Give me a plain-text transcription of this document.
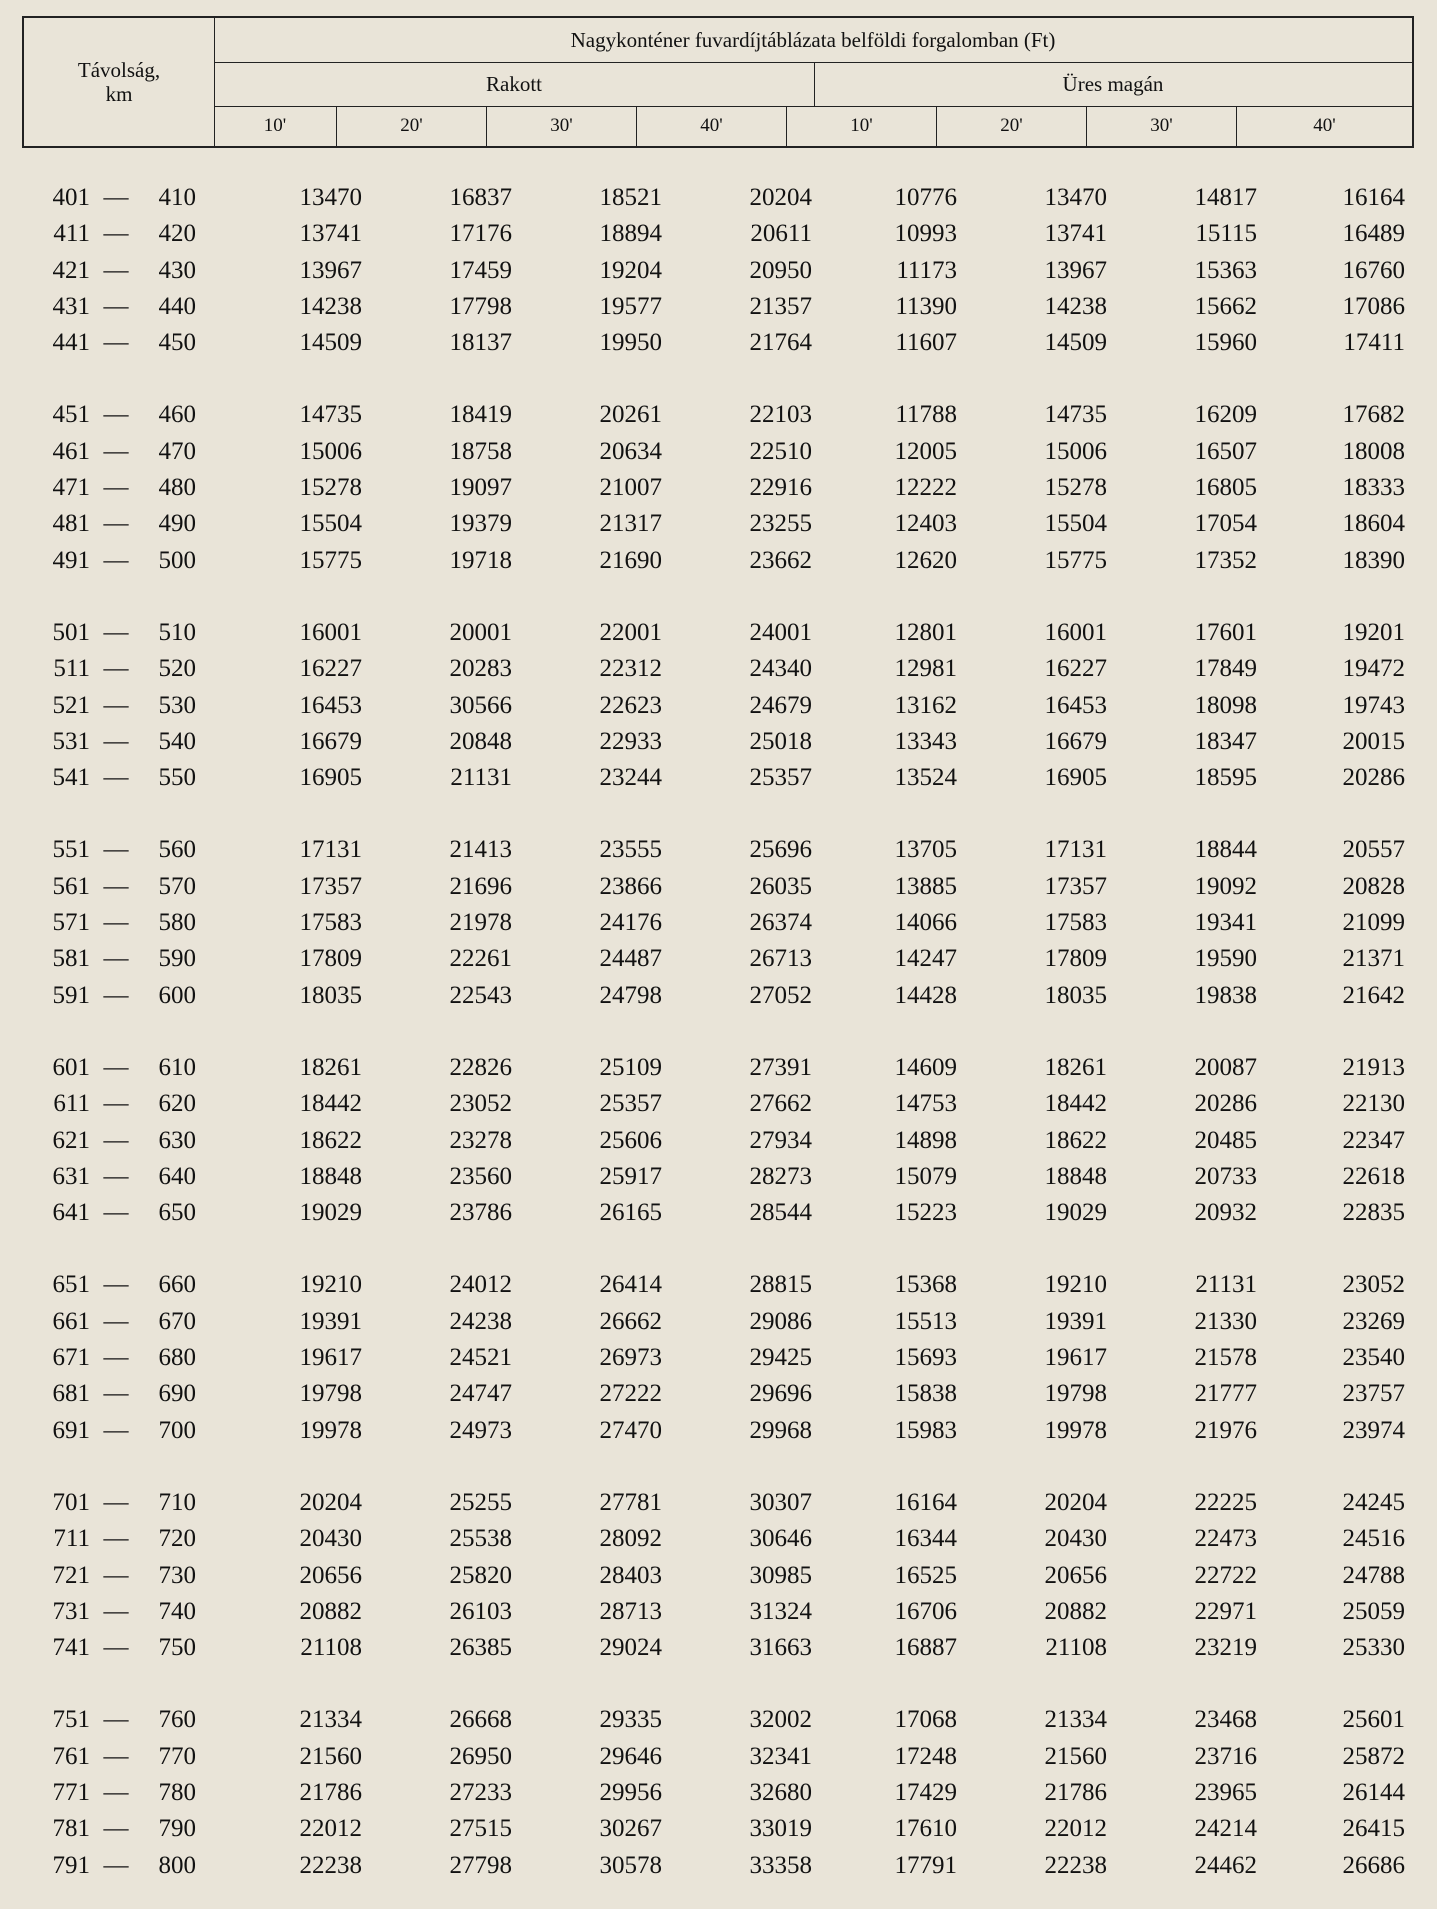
Távolság,
km
Nagykonténer fuvardíjtáblázata belföldi forgalomban (Ft)
Rakott	Üres magán
10'	20'	30'	40'	10'	20'	30'	40'
401 —	410	13470	16837	18521	20204	10776	13470	14817	16164
411 —	420	13741	17176	18894	20611	10993	13741	15115	16489
421 —	430	13967	17459	19204	20950	11173	13967	15363	16760
431 —	440	14238	17798	19577	21357	11390	14238	15662	17086
441 —	450	14509	18137	19950	21764	11607	14509	15960	17411
451 —	460	14735	18419	20261	22103	11788	14735	16209	17682
461 —	470	15006	18758	20634	22510	12005	15006	16507	18008
471 —	480	15278	19097	21007	22916	12222	15278	16805	18333
481 —	490	15504	19379	21317	23255	12403	15504	17054	18604
491 —	500	15775	19718	21690	23662	12620	15775	17352	18390
501 —	510	16001	20001	22001	24001	12801	16001	17601	19201
511 —	520	16227	20283	22312	24340	12981	16227	17849	19472
521 —	530	16453	30566	22623	24679	13162	16453	18098	19743
531 —	540	16679	20848	22933	25018	13343	16679	18347	20015
541 —	550	16905	21131	23244	25357	13524	16905	18595	20286
551 —	560	17131	21413	23555	25696	13705	17131	18844	20557
561 —	570	17357	21696	23866	26035	13885	17357	19092	20828
571 —	580	17583	21978	24176	26374	14066	17583	19341	21099
581 —	590	17809	22261	24487	26713	14247	17809	19590	21371
591 —	600	18035	22543	24798	27052	14428	18035	19838	21642
601 —	610	18261	22826	25109	27391	14609	18261	20087	21913
611 —	620	18442	23052	25357	27662	14753	18442	20286	22130
621 —	630	18622	23278	25606	27934	14898	18622	20485	22347
631 —	640	18848	23560	25917	28273	15079	18848	20733	22618
641 —	650	19029	23786	26165	28544	15223	19029	20932	22835
651 —	660	19210	24012	26414	28815	15368	19210	21131	23052
661 —	670	19391	24238	26662	29086	15513	19391	21330	23269
671 —	680	19617	24521	26973	29425	15693	19617	21578	23540
681 —	690	19798	24747	27222	29696	15838	19798	21777	23757
691 —	700	19978	24973	27470	29968	15983	19978	21976	23974
701 —	710	20204	25255	27781	30307	16164	20204	22225	24245
711 —	720	20430	25538	28092	30646	16344	20430	22473	24516
721 —	730	20656	25820	28403	30985	16525	20656	22722	24788
731 —	740	20882	26103	28713	31324	16706	20882	22971	25059
741 —	750	21108	26385	29024	31663	16887	21108	23219	25330
751 —	760	21334	26668	29335	32002	17068	21334	23468	25601
761 —	770	21560	26950	29646	32341	17248	21560	23716	25872
771 —	780	21786	27233	29956	32680	17429	21786	23965	26144
781 —	790	22012	27515	30267	33019	17610	22012	24214	26415
791 —	800	22238	27798	30578	33358	17791	22238	24462	26686
